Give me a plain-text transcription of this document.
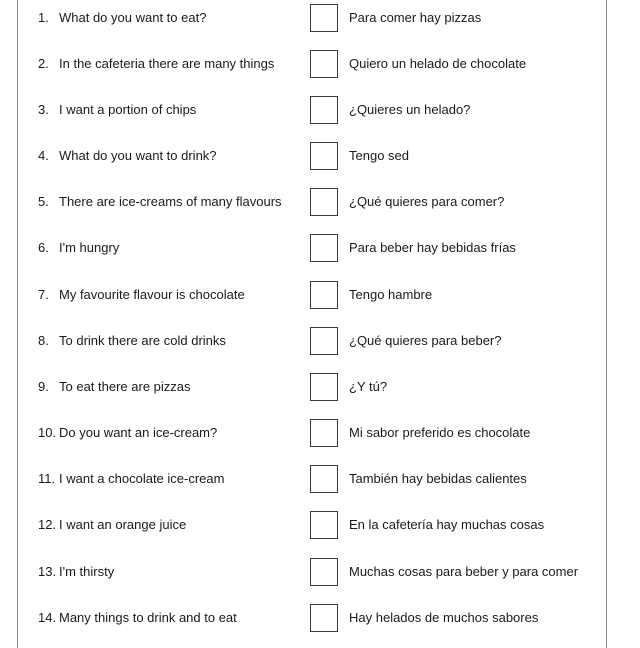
1. What do you want to eat?	Para comer hay pizzas
2. In the cafeteria there are many things	Quiero un helado de chocolate
3. I want a portion of chips	¿Quieres un helado?
4. What do you want to drink?	Tengo sed
5. There are ice-creams of many flavours	¿Qué quieres para comer?
6. I'm hungry	Para beber hay bebidas frías
7. My favourite flavour is chocolate	Tengo hambre
8. To drink there are cold drinks	¿Qué quieres para beber?
9. To eat there are pizzas	¿Y tú?
10. Do you want an ice-cream?	Mi sabor preferido es chocolate
11. I want a chocolate ice-cream	También hay bebidas calientes
12. I want an orange juice	En la cafetería hay muchas cosas
13. I'm thirsty	Muchas cosas para beber y para comer
14. Many things to drink and to eat	Hay helados de muchos sabores
